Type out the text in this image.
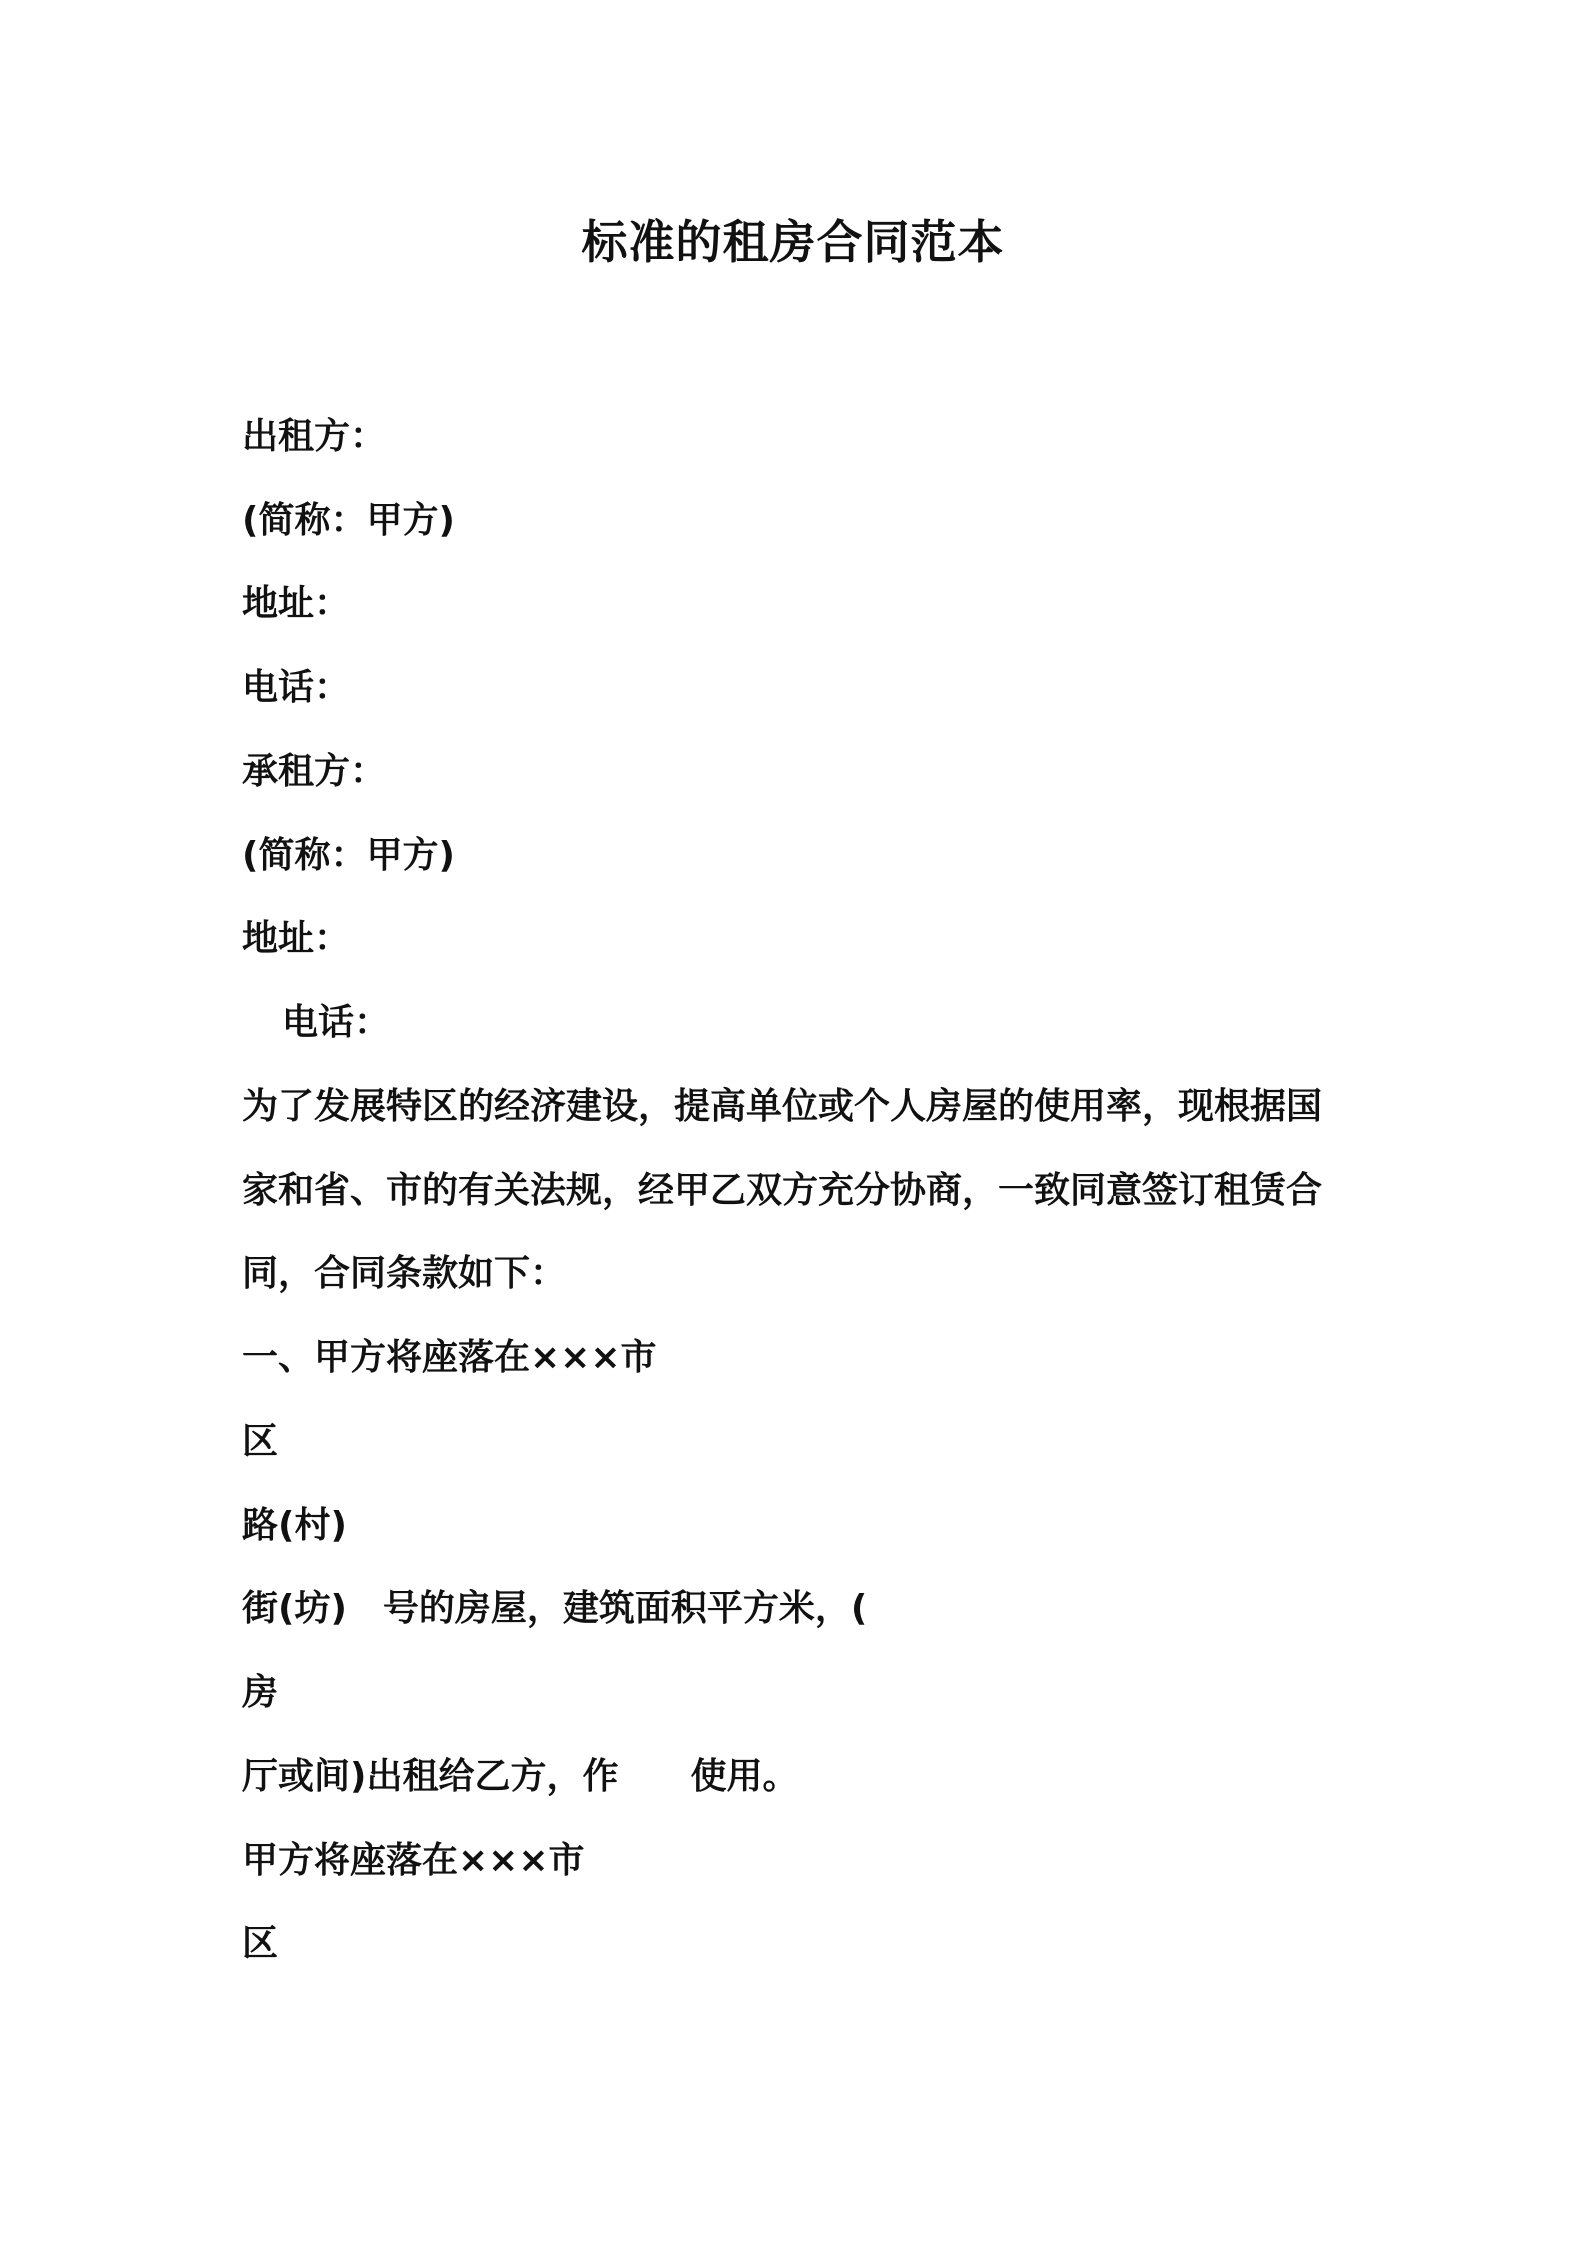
标准的租房合同范本
出租方：
(简称：甲方)
地址：
电话：
承租方：
(简称：甲方)
地址：
电话：
为了发展特区的经济建设，提高单位或个人房屋的使用率，现根据国
家和省、市的有关法规，经甲乙双方充分协商，一致同意签订租赁合
同，合同条款如下：
一、甲方将座落在×××市
区
路(村)
街(坊)　号的房屋，建筑面积平方米，(
房
厅或间)出租给乙方，作　　使用。
甲方将座落在×××市
区
